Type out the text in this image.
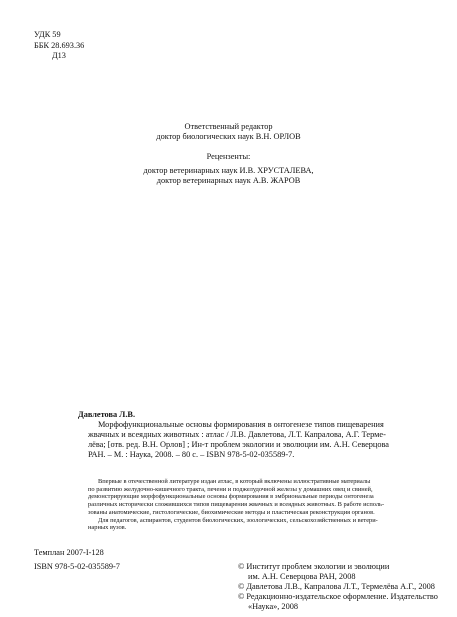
УДК 59
ББК 28.693.36
Д13
Ответственный редактор
доктор биологических наук В.Н. ОРЛОВ
Рецензенты:
доктор ветеринарных наук И.В. ХРУСТАЛЕВА,
доктор ветеринарных наук А.В. ЖАРОВ
Давлетова Л.В.
Морфофункциональные основы формирования в онтогенезе типов пищеварения
жвачных и всеядных животных : атлас / Л.В. Давлетова, Л.Т. Капралова, А.Г. Терме-
лёва; [отв. ред. В.Н. Орлов] ; Ин-т проблем экологии и эволюции им. А.Н. Северцова
РАН. – М. : Наука, 2008. – 80 с. – ISBN 978-5-02-035589-7.
Впервые в отечественной литературе издан атлас, в который включены иллюстративные материалы
по развитию желудочно-кишечного тракта, печени и поджелудочной железы у домашних овец и свиней,
демонстрирующие морфофункциональные основы формирования в эмбриональные периоды онтогенеза
различных исторически сложившихся типов пищеварения жвачных и всеядных животных. В работе исполь-
зованы анатомические, гистологические, биохимические методы и пластическая реконструкция органов.
Для педагогов, аспирантов, студентов биологических, зоологических, сельскохозяйственных и ветери-
нарных вузов.
Темплан 2007-I-128
ISBN 978-5-02-035589-7	© Институт проблем экологии и эволюции
им. А.Н. Северцова РАН, 2008
© Давлетова Л.В., Капралова Л.Т., Термелёва А.Г., 2008
© Редакционно-издательское оформление. Издательство
«Наука», 2008
